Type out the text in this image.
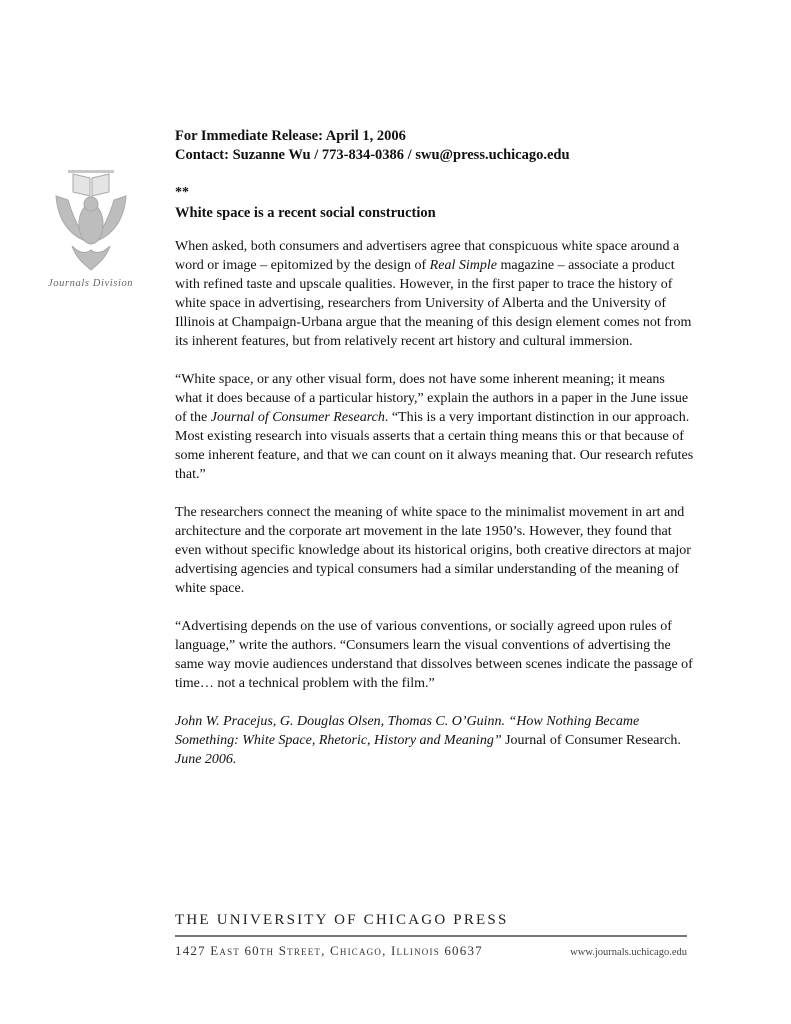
Journals Division

For Immediate Release: April 1, 2006

Contact: Suzanne Wu / 773-834-0386 / swu@press.uchicago.edu

**
White space is a recent social construction

When asked, both consumers and advertisers agree that conspicuous white space around a word or image – epitomized by the design of Real Simple magazine – associate a product with refined taste and upscale qualities. However, in the first paper to trace the history of white space in advertising, researchers from University of Alberta and the University of Illinois at Champaign-Urbana argue that the meaning of this design element comes not from its inherent features, but from relatively recent art history and cultural immersion.

“White space, or any other visual form, does not have some inherent meaning; it means what it does because of a particular history,” explain the authors in a paper in the June issue of the Journal of Consumer Research. “This is a very important distinction in our approach. Most existing research into visuals asserts that a certain thing means this or that because of some inherent feature, and that we can count on it always meaning that. Our research refutes that.”

The researchers connect the meaning of white space to the minimalist movement in art and architecture and the corporate art movement in the late 1950’s. However, they found that even without specific knowledge about its historical origins, both creative directors at major advertising agencies and typical consumers had a similar understanding of the meaning of white space.

“Advertising depends on the use of various conventions, or socially agreed upon rules of language,” write the authors. “Consumers learn the visual conventions of advertising the same way movie audiences understand that dissolves between scenes indicate the passage of time… not a technical problem with the film.”

John W. Pracejus, G. Douglas Olsen, Thomas C. O’Guinn. “How Nothing Became Something: White Space, Rhetoric, History and Meaning” Journal of Consumer Research. June 2006.

THE UNIVERSITY OF CHICAGO PRESS
1427 East 60th Street, Chicago, Illinois 60637	www.journals.uchicago.edu
